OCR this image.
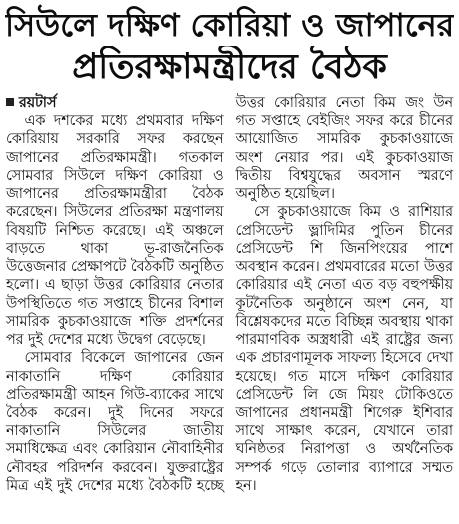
সিউলে দক্ষিণ কোরিয়া ও জাপানের
প্রতিরক্ষামন্ত্রীদের বৈঠক

রয়টার্স

এক দশকের মধ্যে প্রথমবার দক্ষিণ কোরিয়ায় সরকারি সফর করছেন জাপানের প্রতিরক্ষামন্ত্রী। গতকাল সোমবার সিউলে দক্ষিণ কোরিয়া ও জাপানের প্রতিরক্ষামন্ত্রীরা বৈঠক করেছেন। সিউলের প্রতিরক্ষা মন্ত্রণালয় বিষয়টি নিশ্চিত করেছে। এই অঞ্চলে বাড়তে থাকা ভূ-রাজনৈতিক উত্তেজনার প্রেক্ষাপটে বৈঠকটি অনুষ্ঠিত হলো। এ ছাড়া উত্তর কোরিয়ার নেতার উপস্থিতিতে গত সপ্তাহে চীনের বিশাল সামরিক কুচকাওয়াজে শক্তি প্রদর্শনের পর দুই দেশের মধ্যে উদ্বেগ বেড়েছে।

সোমবার বিকেলে জাপানের জেন নাকাতানি দক্ষিণ কোরিয়ার প্রতিরক্ষামন্ত্রী আহন গিউ-ব্যাকের সাথে বৈঠক করেন। দুই দিনের সফরে নাকাতানি সিউলের জাতীয় সমাধিক্ষেত্র এবং কোরিয়ান নৌবাহিনীর নৌবহর পরিদর্শন করবেন। যুক্তরাষ্ট্রের মিত্র এই দুই দেশের মধ্যে বৈঠকটি হচ্ছে উত্তর কোরিয়ার নেতা কিম জং উন গত সপ্তাহে বেইজিং সফর করে চীনের আয়োজিত সামরিক কুচকাওয়াজে অংশ নেয়ার পর। এই কুচকাওয়াজ দ্বিতীয় বিশ্বযুদ্ধের অবসান স্মরণে অনুষ্ঠিত হয়েছিল।

সে কুচকাওয়াজে কিম ও রাশিয়ার প্রেসিডেন্ট ভ্লাদিমির পুতিন চীনের প্রেসিডেন্ট শি জিনপিংয়ের পাশে অবস্থান করেন। প্রথমবারের মতো উত্তর কোরিয়ার এই নেতা এত বড় বহুপক্ষীয় কূটনৈতিক অনুষ্ঠানে অংশ নেন, যা বিশ্লেষকদের মতে বিচ্ছিন্ন অবস্থায় থাকা পারমাণবিক অস্ত্রধারী এই রাষ্ট্রের জন্য এক প্রচারণামূলক সাফল্য হিসেবে দেখা হয়েছে। গত মাসে দক্ষিণ কোরিয়ার প্রেসিডেন্ট লি জে মিয়ং টোকিওতে জাপানের প্রধানমন্ত্রী শিগেরু ইশিবার সাথে সাক্ষাৎ করেন, যেখানে তারা ঘনিষ্ঠতর নিরাপত্তা ও অর্থনৈতিক সম্পর্ক গড়ে তোলার ব্যাপারে সম্মত হন।
